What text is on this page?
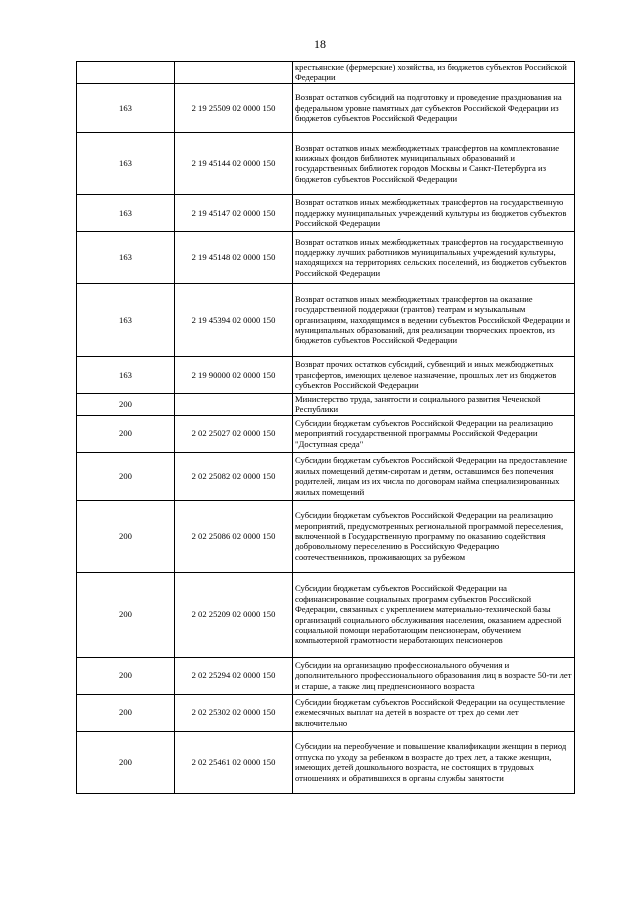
18
		крестьянские (фермерские) хозяйства, из бюджетов субъектов Российской Федерации
163	2 19 25509 02 0000 150	Возврат остатков субсидий на подготовку и проведение празднования на федеральном уровне памятных дат субъектов Российской Федерации из бюджетов субъектов Российской Федерации
163	2 19 45144 02 0000 150	Возврат остатков иных межбюджетных трансфертов на комплектование книжных фондов библиотек муниципальных образований и государственных библиотек городов Москвы и Санкт-Петербурга из бюджетов субъектов Российской Федерации
163	2 19 45147 02 0000 150	Возврат остатков иных межбюджетных трансфертов на государственную поддержку муниципальных учреждений культуры из бюджетов субъектов Российской Федерации
163	2 19 45148 02 0000 150	Возврат остатков иных межбюджетных трансфертов на государственную поддержку лучших работников муниципальных учреждений культуры, находящихся на территориях сельских поселений, из бюджетов субъектов Российской Федерации
163	2 19 45394 02 0000 150	Возврат остатков иных межбюджетных трансфертов на оказание государственной поддержки (грантов) театрам и музыкальным организациям, находящимся в ведении субъектов Российской Федерации и муниципальных образований, для реализации творческих проектов, из бюджетов субъектов Российской Федерации
163	2 19 90000 02 0000 150	Возврат прочих остатков субсидий, субвенций и иных межбюджетных трансфертов, имеющих целевое назначение, прошлых лет из бюджетов субъектов Российской Федерации
200		Министерство труда, занятости и социального развития Чеченской Республики
200	2 02 25027 02 0000 150	Субсидии бюджетам субъектов Российской Федерации на реализацию мероприятий государственной программы Российской Федерации "Доступная среда"
200	2 02 25082 02 0000 150	Субсидии бюджетам субъектов Российской Федерации на предоставление жилых помещений детям-сиротам и детям, оставшимся без попечения родителей, лицам из их числа по договорам найма специализированных жилых помещений
200	2 02 25086 02 0000 150	Субсидии бюджетам субъектов Российской Федерации на реализацию мероприятий, предусмотренных региональной программой переселения, включенной в Государственную программу по оказанию содействия добровольному переселению в Российскую Федерацию соотечественников, проживающих за рубежом
200	2 02 25209 02 0000 150	Субсидии бюджетам субъектов Российской Федерации на софинансирование социальных программ субъектов Российской Федерации, связанных с укреплением материально-технической базы организаций социального обслуживания населения, оказанием адресной социальной помощи неработающим пенсионерам, обучением компьютерной грамотности неработающих пенсионеров
200	2 02 25294 02 0000 150	Субсидии на организацию профессионального обучения и дополнительного профессионального образования лиц в возрасте 50-ти лет и старше, а также лиц предпенсионного возраста
200	2 02 25302 02 0000 150	Субсидии бюджетам субъектов Российской Федерации на осуществление ежемесячных выплат на детей в возрасте от трех до семи лет включительно
200	2 02 25461 02 0000 150	Субсидии на переобучение и повышение квалификации женщин в период отпуска по уходу за ребенком в возрасте до трех лет, а также женщин, имеющих детей дошкольного возраста, не состоящих в трудовых отношениях и обратившихся в органы службы занятости
